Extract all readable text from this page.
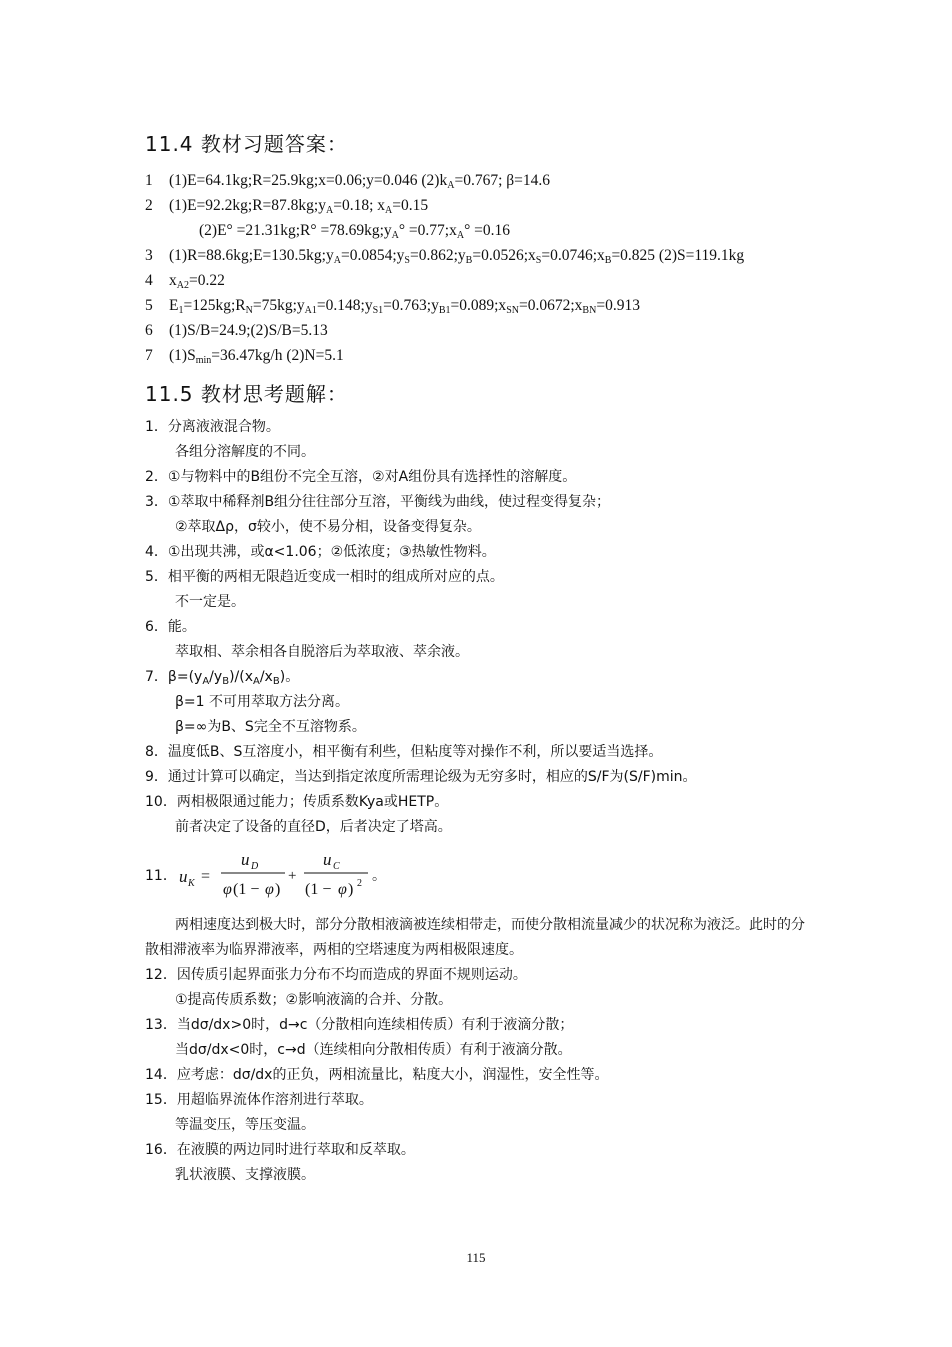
11.4 教材习题答案：
1 (1)E=64.1kg;R=25.9kg;x=0.06;y=0.046 $(2)k_A=0.767$; β=14.6
2 $(1)E=92.2kg;R=87.8kg;y_A=0.18$; $x_A=0.15$
(2)E° =21.31kg;R° $=78.69kg;y_A^\circ$ $=0.77;x_A^\circ =0.16$
3 $(1)R=88.6kg;E=130.5kg;y_A=0.0854;y_S=0.862;y_B=0.0526;x_S=0.0746;x_B=0.825$ (2)S=119.1kg
4 $x_{A2}=0.22$
5 $E_1=125kg;R_N=75kg;y_{A1}=0.148;y_{S1}=0.763;y_{B1}=0.089;x_{SN}=0.0672;x_{BN}=0.913$
6 (1)S/B=24.9;(2)S/B=5.13
7 $(1)S_{min}=36.47kg/h$ (2)N=5.1
11.5 教材思考题解：
1．分离液液混合物。
各组分溶解度的不同。
2．①与物料中的B组份不完全互溶，②对A组份具有选择性的溶解度。
3．①萃取中稀释剂B组分往往部分互溶，平衡线为曲线，使过程变得复杂；
②萃取Δρ，σ较小，使不易分相，设备变得复杂。
4．①出现共沸，或α<1.06；②低浓度；③热敏性物料。
5．相平衡的两相无限趋近变成一相时的组成所对应的点。
不一定是。
6．能。
萃取相、萃余相各自脱溶后为萃取液、萃余液。
7．$\beta=(y_A/y_B)/(x_A/x_B)$。
β=1 不可用萃取方法分离。
β=∞为B、S完全不互溶物系。
8．温度低B、S互溶度小，相平衡有利些，但粘度等对操作不利，所以要适当选择。
9．通过计算可以确定，当达到指定浓度所需理论级为无穷多时，相应的S/F为(S/F)min。
10．两相极限通过能力；传质系数Kya或HETP。
前者决定了设备的直径D，后者决定了塔高。
11． u K =
u D
φ (1 − φ )
+
u C
(1 − φ ) 2 。
两相速度达到极大时，部分分散相液滴被连续相带走，而使分散相流量减少的状况称为液泛。此时的分散相滞液率为临界滞液率，两相的空塔速度为两相极限速度。
12．因传质引起界面张力分布不均而造成的界面不规则运动。
①提高传质系数；②影响液滴的合并、分散。
13．当dσ/dx>0时，d→c（分散相向连续相传质）有利于液滴分散；
当dσ/dx<0时，c→d（连续相向分散相传质）有利于液滴分散。
14．应考虑：dσ/dx的正负，两相流量比，粘度大小，润湿性，安全性等。
15．用超临界流体作溶剂进行萃取。
等温变压，等压变温。
16．在液膜的两边同时进行萃取和反萃取。
乳状液膜、支撑液膜。
115
